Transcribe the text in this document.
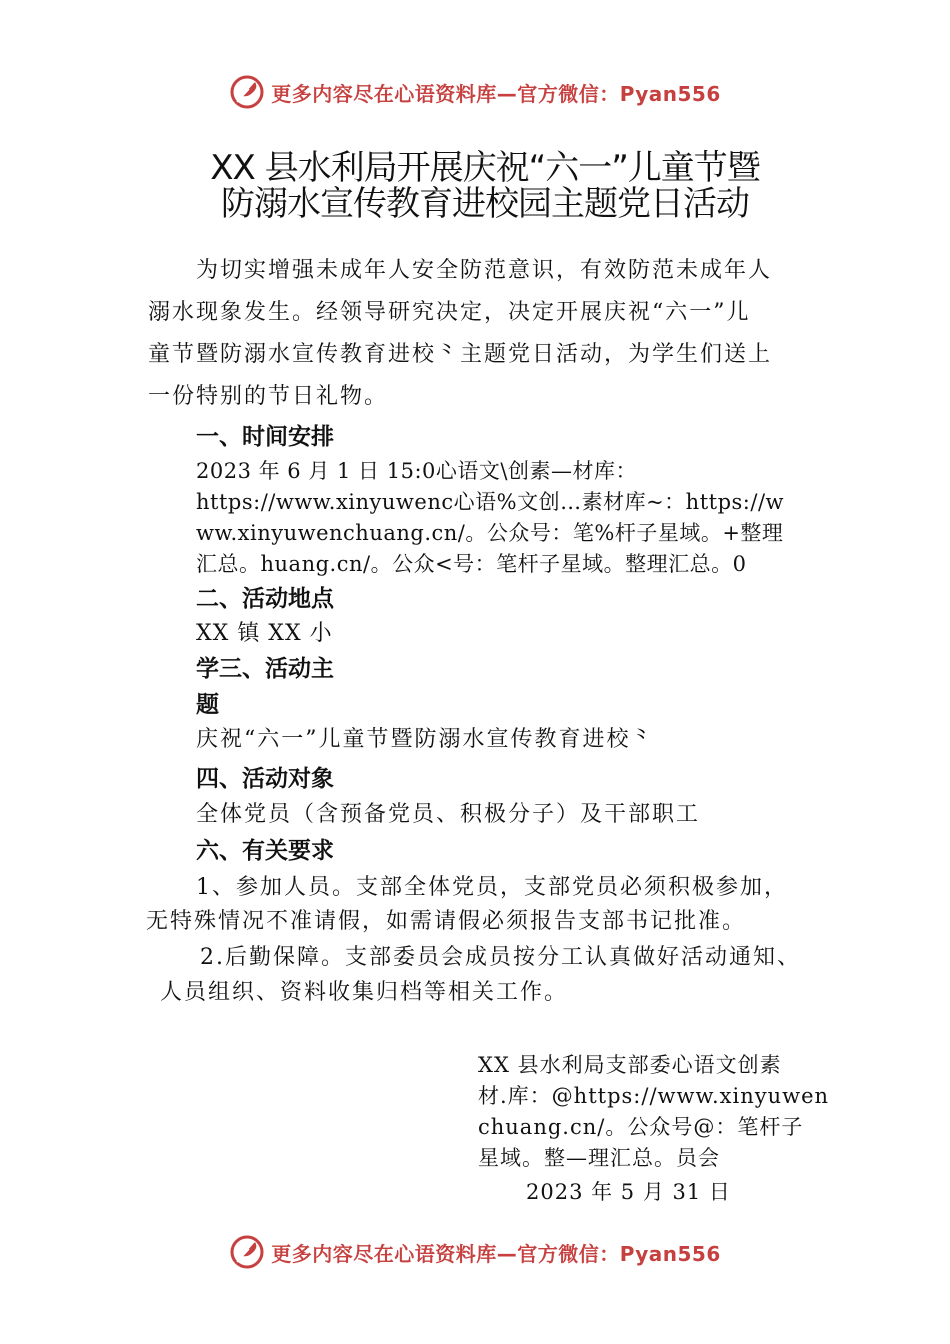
更多内容尽在心语资料库—官方微信：Pyan556
XX 县水利局开展庆祝“六一”儿童节暨
防溺水宣传教育进校园主题党日活动
为切实增强未成年人安全防范意识，有效防范未成年人
溺水现象发生。经领导研究决定，决定开展庆祝“六一”儿
童节暨防溺水宣传教育进校⺀主题党日活动，为学生们送上
一份特别的节日礼物。
一、时间安排
2023 年 6 月 1 日 15:0心语文\创素—材库：
https://www.xinyuwenc心语%文创…素材库~：https://w
ww.xinyuwenchuang.cn/。公众号：笔%杆子星域。+整理
汇总。huang.cn/。公众<号：笔杆子星域。整理汇总。0
二、活动地点
XX 镇 XX 小
学三、活动主
题
庆祝“六一”儿童节暨防溺水宣传教育进校⺀
四、活动对象
全体党员（含预备党员、积极分子）及干部职工
六、有关要求
1、参加人员。支部全体党员，支部党员必须积极参加，
无特殊情况不准请假，如需请假必须报告支部书记批准。
2.后勤保障。支部委员会成员按分工认真做好活动通知、
人员组织、资料收集归档等相关工作。
XX 县水利局支部委心语文创素
材.库：@https://www.xinyuwen
chuang.cn/。公众号@：笔杆子
星域。整—理汇总。员会
2023 年 5 月 31 日
更多内容尽在心语资料库—官方微信：Pyan556
